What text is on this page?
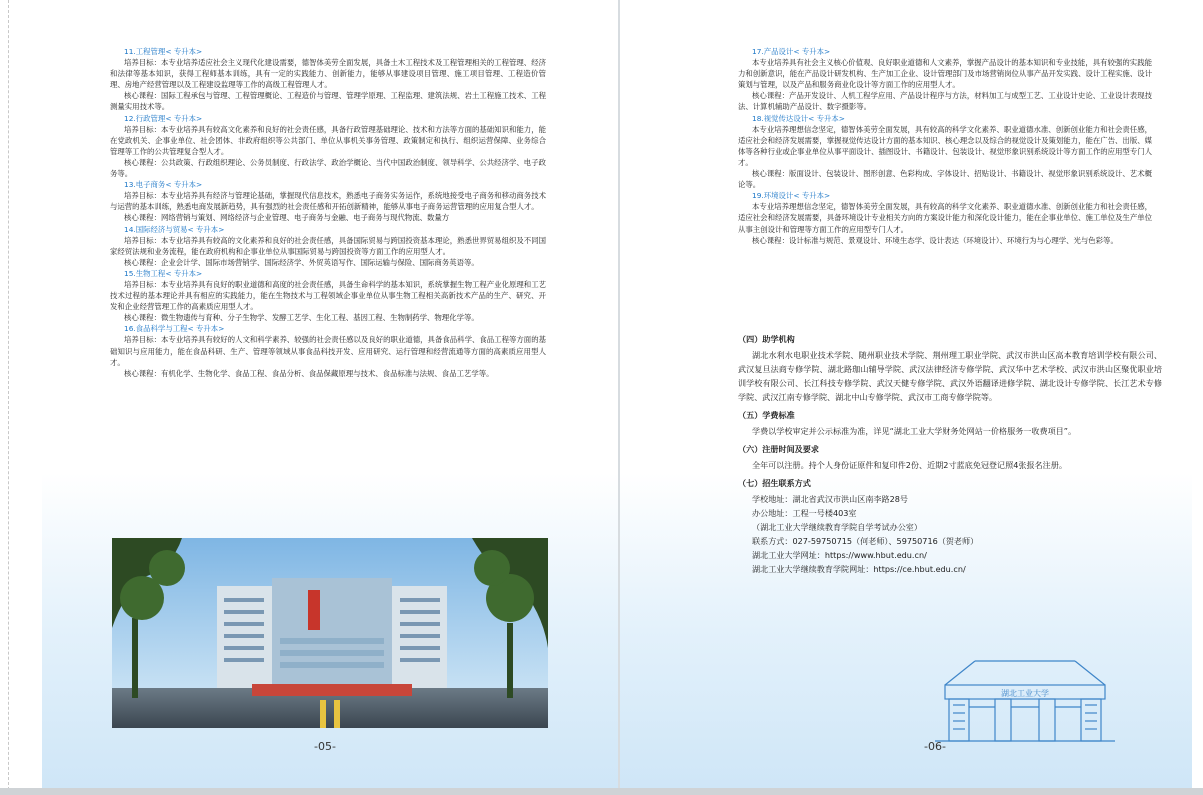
11.工程管理< 专升本>

培养目标：本专业培养适应社会主义现代化建设需要，德智体美劳全面发展，具备土木工程技术及工程管理相关的工程管理、经济和法律等基本知识，获得工程师基本训练，具有一定的实践能力、创新能力，能够从事建设项目管理、施工项目管理、工程造价管理、房地产经营管理以及工程建设监理等工作的高级工程管理人才。

核心课程：国际工程承包与管理、工程管理概论、工程造价与管理、管理学原理、工程监理、建筑法规、岩土工程施工技术、工程测量实用技术等。

12.行政管理< 专升本>

培养目标：本专业培养具有较高文化素养和良好的社会责任感，具备行政管理基础理论、技术和方法等方面的基础知识和能力，能在党政机关、企事业单位、社会团体、非政府组织等公共部门、单位从事机关事务管理、政策制定和执行、组织运营保障、业务综合管理等工作的公共管理复合型人才。

核心课程：公共政策、行政组织理论、公务员制度、行政法学、政治学概论、当代中国政治制度、领导科学、公共经济学、电子政务等。

13.电子商务< 专升本>

培养目标：本专业培养具有经济与管理论基础，掌握现代信息技术，熟悉电子商务实务运作，系统地接受电子商务和移动商务技术与运营的基本训练，熟悉电商发展新趋势，具有强烈的社会责任感和开拓创新精神，能够从事电子商务运营管理的应用复合型人才。

核心课程：网络营销与策划、网络经济与企业管理、电子商务与金融、电子商务与现代物流、数量方

14.国际经济与贸易< 专升本>

培养目标：本专业培养具有较高的文化素养和良好的社会责任感，具备国际贸易与跨国投资基本理论，熟悉世界贸易组织及不同国家经贸法规和业务流程，能在政府机构和企事业单位从事国际贸易与跨国投资等方面工作的应用型人才。

核心课程：企业会计学、国际市场营销学、国际经济学、外贸英语写作、国际运输与保险、国际商务英语等。

15.生物工程< 专升本>

培养目标：本专业培养具有良好的职业道德和高度的社会责任感，具备生命科学的基本知识，系统掌握生物工程产业化原理和工艺技术过程的基本理论并具有相应的实践能力，能在生物技术与工程领域企事业单位从事生物工程相关高新技术产品的生产、研究、开发和企业经营管理工作的高素质应用型人才。

核心课程：微生物遗传与育种、分子生物学、发酵工艺学、生化工程、基因工程、生物制药学、物理化学等。

16.食品科学与工程< 专升本>

培养目标：本专业培养具有较好的人文和科学素养、较强的社会责任感以及良好的职业道德，具备食品科学、食品工程等方面的基础知识与应用能力，能在食品科研、生产、管理等领域从事食品科技开发、应用研究、运行管理和经营流通等方面的高素质应用型人才。

核心课程：有机化学、生物化学、食品工程、食品分析、食品保藏原理与技术、食品标准与法规、食品工艺学等。

-05-

17.产品设计< 专升本>

本专业培养具有社会主义核心价值观、良好职业道德和人文素养，掌握产品设计的基本知识和专业技能，具有较强的实践能力和创新意识，能在产品设计研发机构、生产加工企业、设计管理部门及市场营销岗位从事产品开发实践、设计工程实施、设计策划与管理，以及产品和服务商业化设计等方面工作的应用型人才。

核心课程：产品开发设计、人机工程学应用、产品设计程序与方法，材料加工与成型工艺、工业设计史论、工业设计表现技法、计算机辅助产品设计、数字摄影等。

18.视觉传达设计< 专升本>

本专业培养理想信念坚定，德智体美劳全面发展，具有较高的科学文化素养、职业道德水准、创新创业能力和社会责任感，适应社会和经济发展需要，掌握视觉传达设计方面的基本知识、核心理念以及综合的视觉设计及策划能力，能在广告、出版、媒体等各种行业或企事业单位从事平面设计、插图设计、书籍设计、包装设计、视觉形象识别系统设计等方面工作的应用型专门人才。

核心课程：版面设计、包装设计、图形创意、色彩构成、字体设计、招贴设计、书籍设计、视觉形象识别系统设计、艺术概论等。

19.环境设计< 专升本>

本专业培养理想信念坚定，德智体美劳全面发展，具有较高的科学文化素养、职业道德水准、创新创业能力和社会责任感，适应社会和经济发展需要，具备环境设计专业相关方向的方案设计能力和深化设计能力，能在企事业单位、施工单位及生产单位从事主创设计和管理等方面工作的应用型专门人才。

核心课程：设计标准与规范、景观设计、环境生态学、设计表达（环境设计）、环境行为与心理学、光与色彩等。

（四）助学机构

湖北水利水电职业技术学院、随州职业技术学院、荆州理工职业学院、武汉市洪山区高本教育培训学校有限公司、武汉复旦法商专修学院、湖北路珈山辅导学院、武汉法律经济专修学院、武汉华中艺术学校、武汉市洪山区聚优职业培训学校有限公司、长江科技专修学院、武汉天健专修学院、武汉外语翻译进修学院、湖北设计专修学院、长江艺术专修学院、武汉江南专修学院、湖北中山专修学院、武汉市工商专修学院等。

（五）学费标准

学费以学校审定并公示标准为准，详见“湖北工业大学财务处网站一价格服务一收费项目”。

（六）注册时间及要求

全年可以注册。持个人身份证原件和复印件2份、近期2寸蓝底免冠登记照4张报名注册。

（七）招生联系方式

学校地址：湖北省武汉市洪山区南李路28号

办公地址：工程一号楼403室

（湖北工业大学继续教育学院自学考试办公室）

联系方式：027-59750715（何老师）、59750716（贺老师）

湖北工业大学网址：https://www.hbut.edu.cn/

湖北工业大学继续教育学院网址：https://ce.hbut.edu.cn/

湖北工业大学
-06-
